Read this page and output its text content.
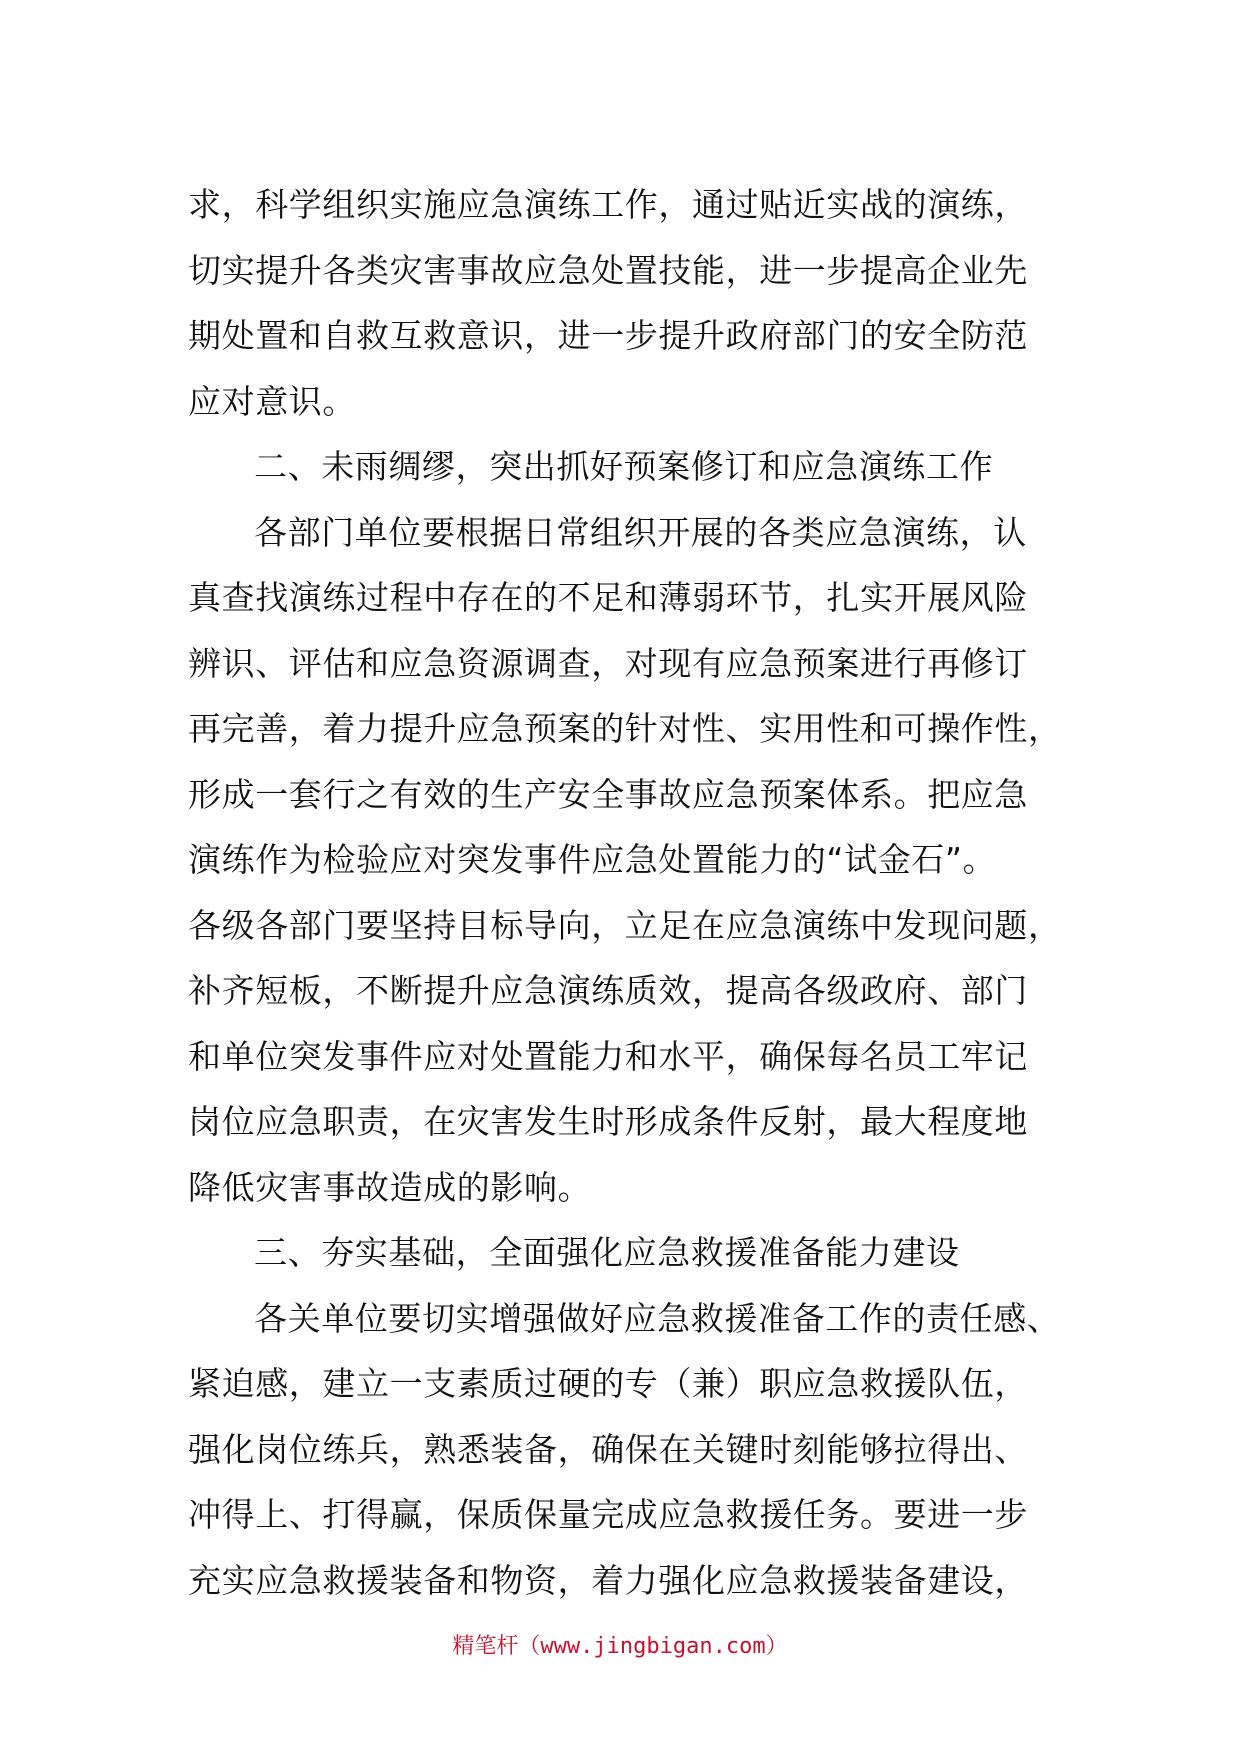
求，科学组织实施应急演练工作，通过贴近实战的演练，
切实提升各类灾害事故应急处置技能，进一步提高企业先
期处置和自救互救意识，进一步提升政府部门的安全防范
应对意识。
二、未雨绸缪，突出抓好预案修订和应急演练工作
各部门单位要根据日常组织开展的各类应急演练，认
真查找演练过程中存在的不足和薄弱环节，扎实开展风险
辨识、评估和应急资源调查，对现有应急预案进行再修订
再完善，着力提升应急预案的针对性、实用性和可操作性，
形成一套行之有效的生产安全事故应急预案体系。把应急
演练作为检验应对突发事件应急处置能力的“试金石”。
各级各部门要坚持目标导向，立足在应急演练中发现问题，
补齐短板，不断提升应急演练质效，提高各级政府、部门
和单位突发事件应对处置能力和水平，确保每名员工牢记
岗位应急职责，在灾害发生时形成条件反射，最大程度地
降低灾害事故造成的影响。
三、夯实基础，全面强化应急救援准备能力建设
各关单位要切实增强做好应急救援准备工作的责任感、
紧迫感，建立一支素质过硬的专（兼）职应急救援队伍，
强化岗位练兵，熟悉装备，确保在关键时刻能够拉得出、
冲得上、打得赢，保质保量完成应急救援任务。要进一步
充实应急救援装备和物资，着力强化应急救援装备建设，
精笔杆（www.jingbigan.com）
